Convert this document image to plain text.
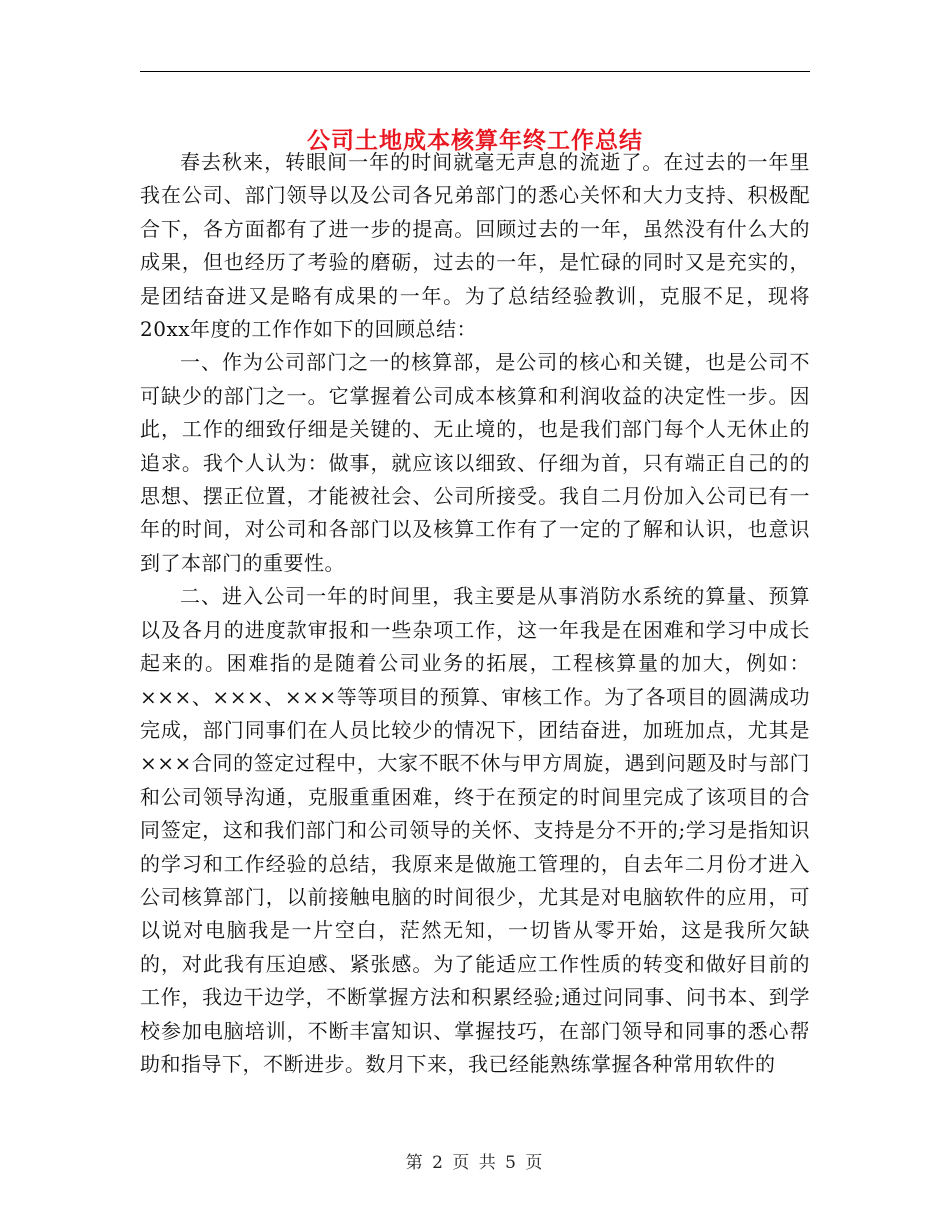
公司土地成本核算年终工作总结

春去秋来，转眼间一年的时间就毫无声息的流逝了。在过去的一年里我在公司、部门领导以及公司各兄弟部门的悉心关怀和大力支持、积极配合下，各方面都有了进一步的提高。回顾过去的一年，虽然没有什么大的成果，但也经历了考验的磨砺，过去的一年，是忙碌的同时又是充实的，是团结奋进又是略有成果的一年。为了总结经验教训，克服不足，现将20xx年度的工作作如下的回顾总结：

一、作为公司部门之一的核算部，是公司的核心和关键，也是公司不可缺少的部门之一。它掌握着公司成本核算和利润收益的决定性一步。因此，工作的细致仔细是关键的、无止境的，也是我们部门每个人无休止的追求。我个人认为：做事，就应该以细致、仔细为首，只有端正自己的的思想、摆正位置，才能被社会、公司所接受。我自二月份加入公司已有一年的时间，对公司和各部门以及核算工作有了一定的了解和认识，也意识到了本部门的重要性。

二、进入公司一年的时间里，我主要是从事消防水系统的算量、预算以及各月的进度款审报和一些杂项工作，这一年我是在困难和学习中成长起来的。困难指的是随着公司业务的拓展，工程核算量的加大，例如：×××、×××、×××等等项目的预算、审核工作。为了各项目的圆满成功完成，部门同事们在人员比较少的情况下，团结奋进，加班加点，尤其是×××合同的签定过程中，大家不眠不休与甲方周旋，遇到问题及时与部门和公司领导沟通，克服重重困难，终于在预定的时间里完成了该项目的合同签定，这和我们部门和公司领导的关怀、支持是分不开的;学习是指知识的学习和工作经验的总结，我原来是做施工管理的，自去年二月份才进入公司核算部门，以前接触电脑的时间很少，尤其是对电脑软件的应用，可以说对电脑我是一片空白，茫然无知，一切皆从零开始，这是我所欠缺的，对此我有压迫感、紧张感。为了能适应工作性质的转变和做好目前的工作，我边干边学，不断掌握方法和积累经验;通过问同事、问书本、到学校参加电脑培训，不断丰富知识、掌握技巧，在部门领导和同事的悉心帮助和指导下，不断进步。数月下来，我已经能熟练掌握各种常用软件的

第 2 页 共 5 页
